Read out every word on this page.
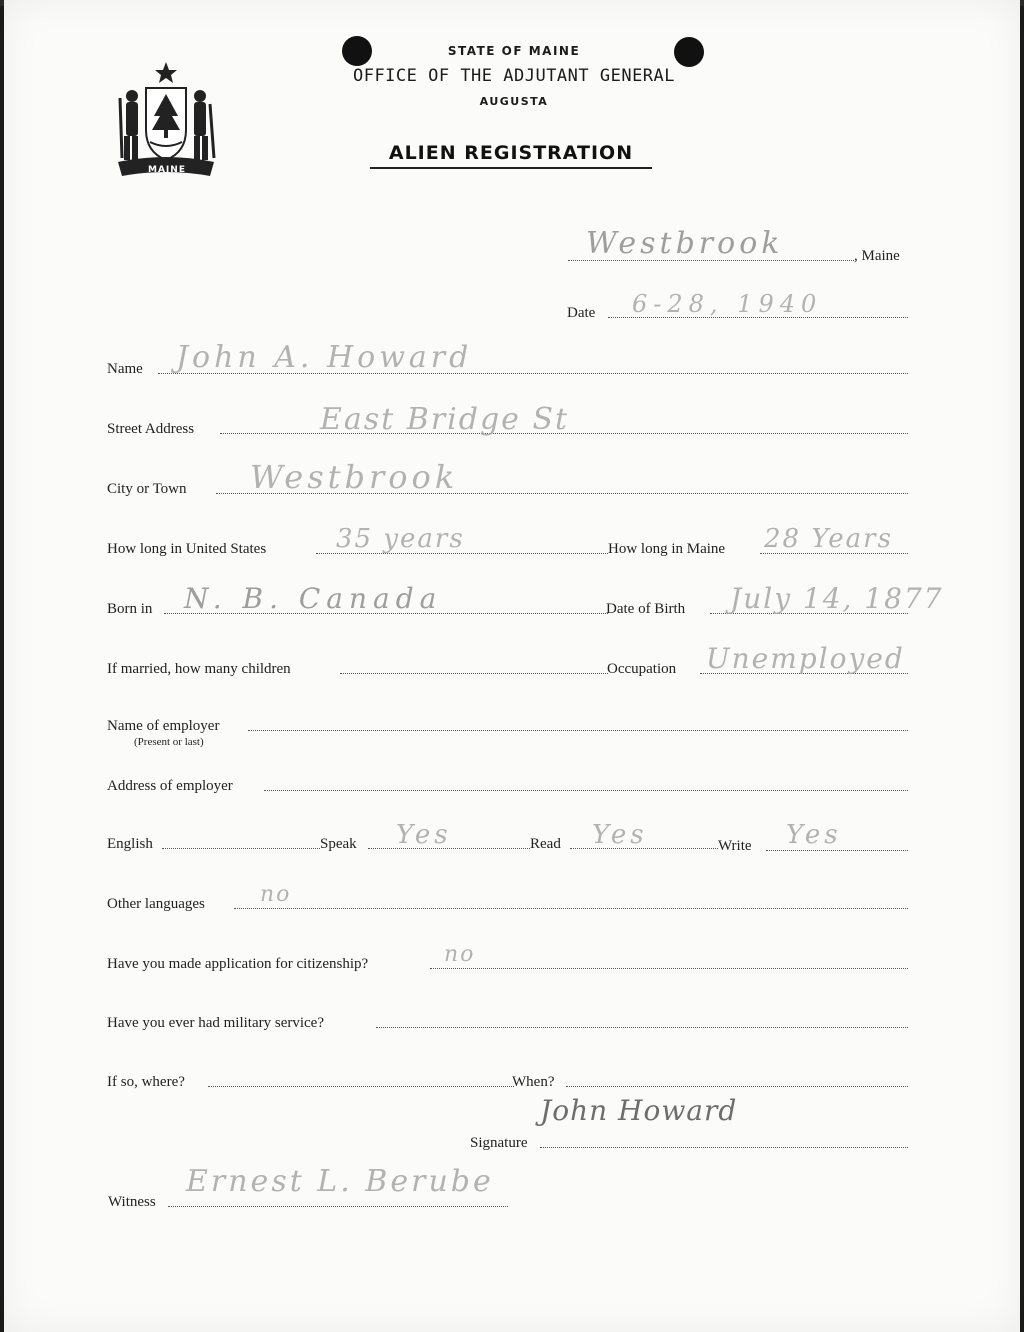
MAINE
STATE OF MAINE
OFFICE OF THE ADJUTANT GENERAL
AUGUSTA
ALIEN REGISTRATION
Westbrook	, Maine
Date 6-28, 1940
Name John A. Howard
Street Address	East Bridge St
City or Town Westbrook
How long in United States	35 years	How long in Maine 28 Years
Born in N. B. Canada	Date of Birth July 14, 1877
If married, how many children	Occupation Unemployed
Name of employer
(Present or last)
Address of employer
English	Speak Yes	Read Yes	Write Yes
Other languages	no
Have you made application for citizenship?	no
Have you ever had military service?
If so, where?	When?
Signature
John Howard
Witness
Ernest L. Berube
